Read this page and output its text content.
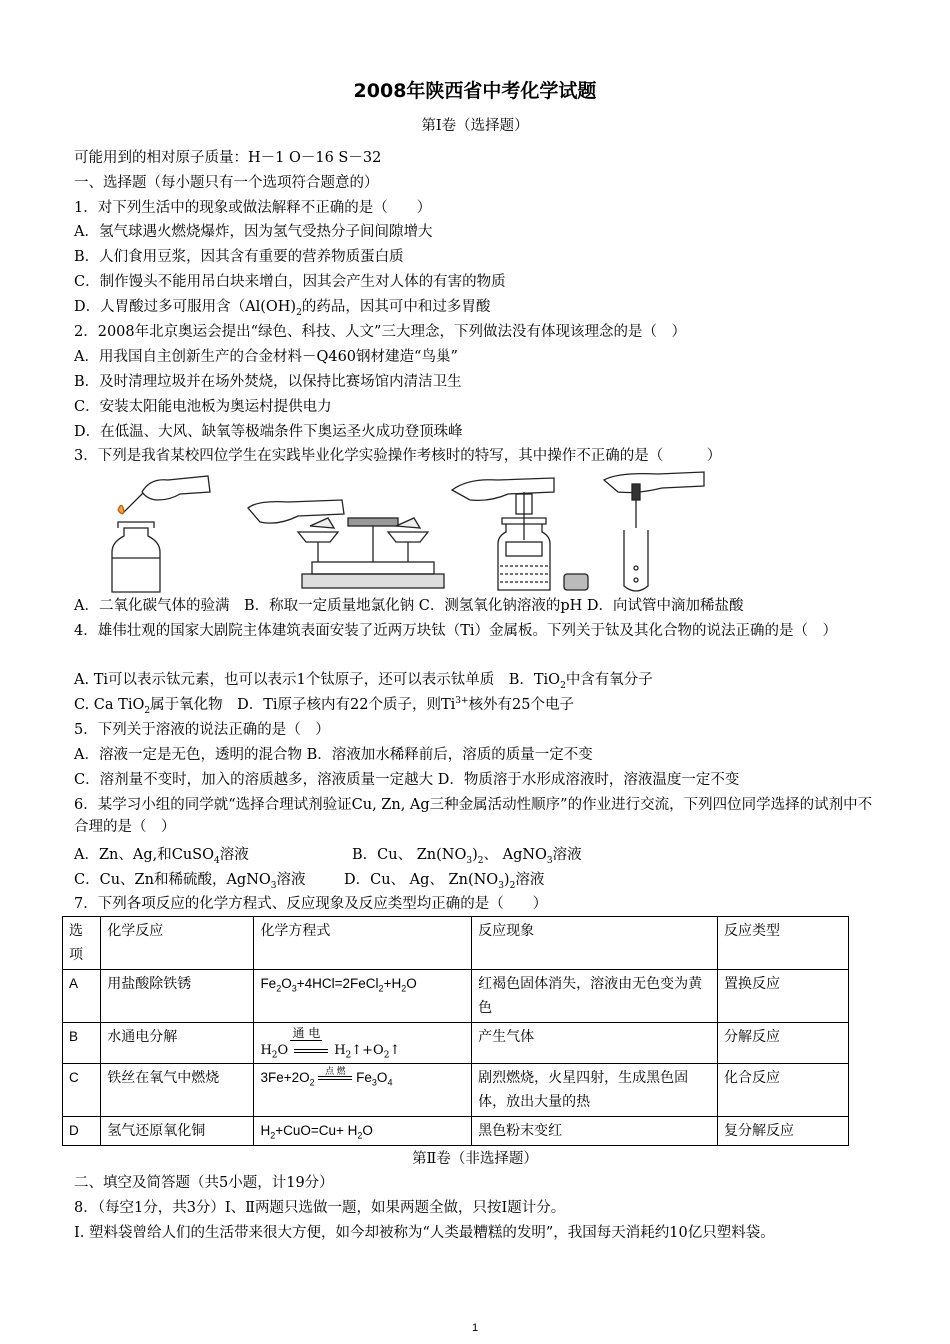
2008年陕西省中考化学试题
第Ⅰ卷（选择题）
可能用到的相对原子质量：H－1 O－16 S－32
一、选择题（每小题只有一个选项符合题意的）
1．对下列生活中的现象或做法解释不正确的是（　　）
A．氢气球遇火燃烧爆炸，因为氢气受热分子间间隙增大
B．人们食用豆浆，因其含有重要的营养物质蛋白质
C．制作馒头不能用吊白块来增白，因其会产生对人体的有害的物质
D．人胃酸过多可服用含（$Al(OH)_2$的药品，因其可中和过多胃酸
2．2008年北京奥运会提出“绿色、科技、人文”三大理念，下列做法没有体现该理念的是（　）
A．用我国自主创新生产的合金材料－Q460钢材建造“鸟巢”
B．及时清理垃圾并在场外焚烧，以保持比赛场馆内清洁卫生
C．安装太阳能电池板为奥运村提供电力
D．在低温、大风、缺氧等极端条件下奥运圣火成功登顶珠峰
3．下列是我省某校四位学生在实践毕业化学实验操作考核时的特写，其中操作不正确的是（　　　）
A．二氧化碳气体的验满　B．称取一定质量地氯化钠 C．测氢氧化钠溶液的pH D．向试管中滴加稀盐酸
4．雄伟壮观的国家大剧院主体建筑表面安装了近两万块钛（Ti）金属板。下列关于钛及其化合物的说法正确的是（　）
A. Ti可以表示钛元素，也可以表示1个钛原子，还可以表示钛单质　B．TiO$_2$中含有氧分子
C. Ca TiO$_2$属于氧化物　D．Ti原子核内有22个质子，则$Ti^{3+}$核外有25个电子
5．下列关于溶液的说法正确的是（　）
A．溶液一定是无色，透明的混合物 B．溶液加水稀释前后，溶质的质量一定不变
C．溶剂量不变时，加入的溶质越多，溶液质量一定越大 D．物质溶于水形成溶液时，溶液温度一定不变
6．某学习小组的同学就“选择合理试剂验证Cu, Zn, Ag三种金属活动性顺序”的作业进行交流，下列四位同学选择的试剂中不合理的是（　）
A．Zn、Ag,和CuSO$_4$溶液	B．Cu、 $Zn(NO_3)_2$、 AgNO$_3$溶液
C．Cu、Zn和稀硫酸，AgNO$_3$溶液	D．Cu、 Ag、 $Zn(NO_3)_2$溶液
7．下列各项反应的化学方程式、反应现象及反应类型均正确的是（　　）
选项	化学反应	化学方程式	反应现象	反应类型
A	用盐酸除铁锈	$Fe_2O_3+4HCl=2FeCl_2+H_2O$	红褐色固体消失，溶液由无色变为黄色	置换反应
B	水通电分解	通 电
$H_2O$ $H_2↑+O_2↑$	产生气体	分解反应
C	铁丝在氧气中燃烧	$3Fe+2O_2$
点 燃 $Fe_3O_4$	剧烈燃烧，火星四射，生成黑色固体，放出大量的热	化合反应
D	氢气还原氧化铜	$H_2+CuO=Cu+ H_2O$	黑色粉末变红	复分解反应
第Ⅱ卷（非选择题）
二、填空及简答题（共5小题，计19分）
8．（每空1分，共3分）Ⅰ、Ⅱ两题只选做一题，如果两题全做，只按Ⅰ题计分。
Ⅰ. 塑料袋曾给人们的生活带来很大方便，如今却被称为“人类最糟糕的发明”，我国每天消耗约10亿只塑料袋。
1
